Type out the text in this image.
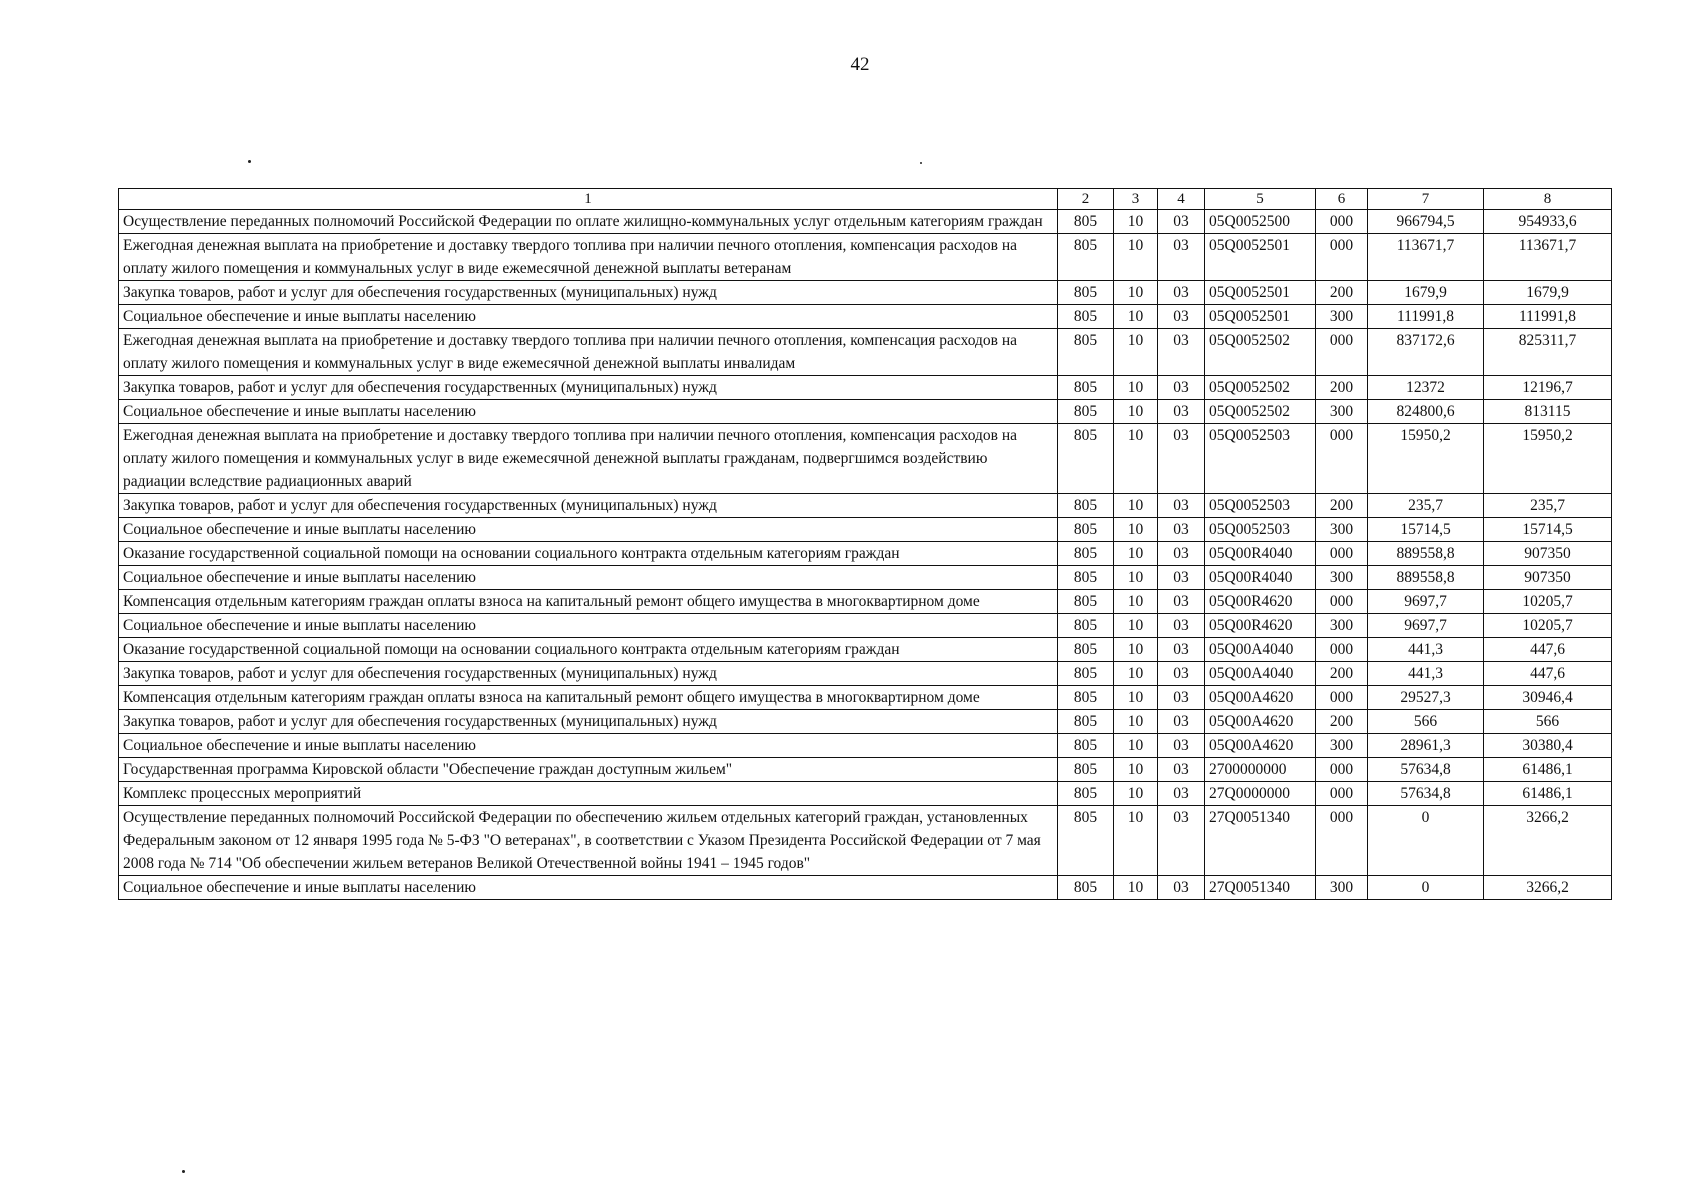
42
1	2	3	4	5	6	7	8
Осуществление переданных полномочий Российской Федерации по оплате жилищно-коммунальных услуг отдельным категориям граждан	805	10	03	05Q0052500	000	966794,5	954933,6
Ежегодная денежная выплата на приобретение и доставку твердого топлива при наличии печного отопления, компенсация расходов на оплату жилого помещения и коммунальных услуг в виде ежемесячной денежной выплаты ветеранам	805	10	03	05Q0052501	000	113671,7	113671,7
Закупка товаров, работ и услуг для обеспечения государственных (муниципальных) нужд	805	10	03	05Q0052501	200	1679,9	1679,9
Социальное обеспечение и иные выплаты населению	805	10	03	05Q0052501	300	111991,8	111991,8
Ежегодная денежная выплата на приобретение и доставку твердого топлива при наличии печного отопления, компенсация расходов на оплату жилого помещения и коммунальных услуг в виде ежемесячной денежной выплаты инвалидам	805	10	03	05Q0052502	000	837172,6	825311,7
Закупка товаров, работ и услуг для обеспечения государственных (муниципальных) нужд	805	10	03	05Q0052502	200	12372	12196,7
Социальное обеспечение и иные выплаты населению	805	10	03	05Q0052502	300	824800,6	813115
Ежегодная денежная выплата на приобретение и доставку твердого топлива при наличии печного отопления, компенсация расходов на оплату жилого помещения и коммунальных услуг в виде ежемесячной денежной выплаты гражданам, подвергшимся воздействию радиации вследствие радиационных аварий	805	10	03	05Q0052503	000	15950,2	15950,2
Закупка товаров, работ и услуг для обеспечения государственных (муниципальных) нужд	805	10	03	05Q0052503	200	235,7	235,7
Социальное обеспечение и иные выплаты населению	805	10	03	05Q0052503	300	15714,5	15714,5
Оказание государственной социальной помощи на основании социального контракта отдельным категориям граждан	805	10	03	05Q00R4040	000	889558,8	907350
Социальное обеспечение и иные выплаты населению	805	10	03	05Q00R4040	300	889558,8	907350
Компенсация отдельным категориям граждан оплаты взноса на капитальный ремонт общего имущества в многоквартирном доме	805	10	03	05Q00R4620	000	9697,7	10205,7
Социальное обеспечение и иные выплаты населению	805	10	03	05Q00R4620	300	9697,7	10205,7
Оказание государственной социальной помощи на основании социального контракта отдельным категориям граждан	805	10	03	05Q00A4040	000	441,3	447,6
Закупка товаров, работ и услуг для обеспечения государственных (муниципальных) нужд	805	10	03	05Q00A4040	200	441,3	447,6
Компенсация отдельным категориям граждан оплаты взноса на капитальный ремонт общего имущества в многоквартирном доме	805	10	03	05Q00A4620	000	29527,3	30946,4
Закупка товаров, работ и услуг для обеспечения государственных (муниципальных) нужд	805	10	03	05Q00A4620	200	566	566
Социальное обеспечение и иные выплаты населению	805	10	03	05Q00A4620	300	28961,3	30380,4
Государственная программа Кировской области "Обеспечение граждан доступным жильем"	805	10	03	2700000000	000	57634,8	61486,1
Комплекс процессных мероприятий	805	10	03	27Q0000000	000	57634,8	61486,1
Осуществление переданных полномочий Российской Федерации по обеспечению жильем отдельных категорий граждан, установленных Федеральным законом от 12 января 1995 года № 5-ФЗ "О ветеранах", в соответствии с Указом Президента Российской Федерации от 7 мая 2008 года № 714 "Об обеспечении жильем ветеранов Великой Отечественной войны 1941 – 1945 годов"	805	10	03	27Q0051340	000	0	3266,2
Социальное обеспечение и иные выплаты населению	805	10	03	27Q0051340	300	0	3266,2
